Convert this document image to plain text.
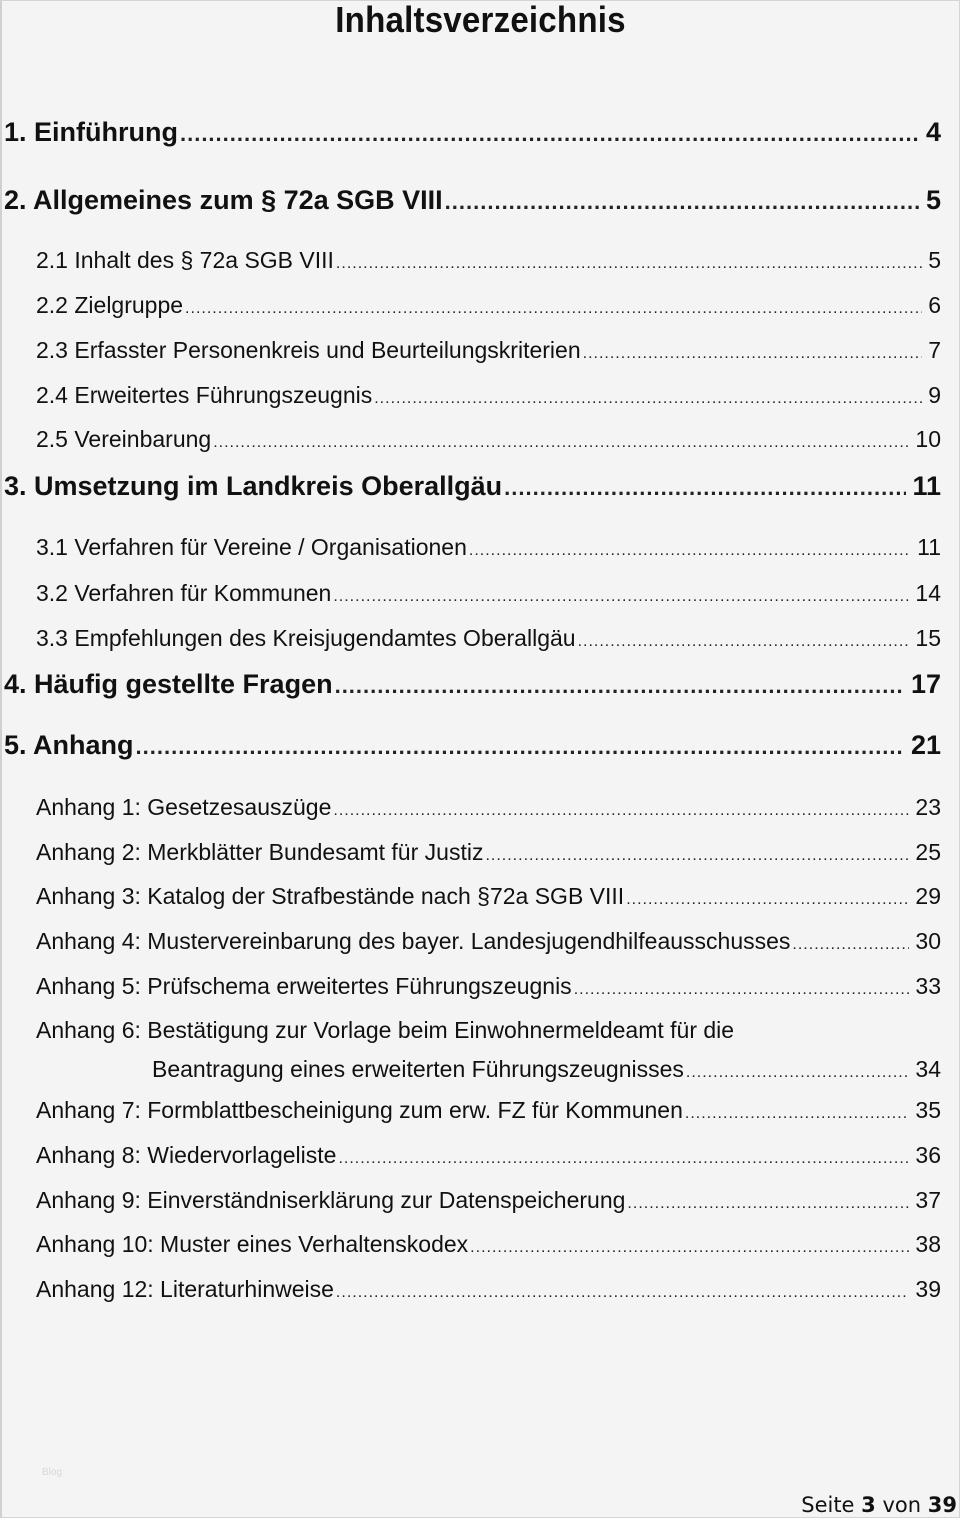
Inhaltsverzeichnis
1. Einführung .....	4
2. Allgemeines zum § 72a SGB VIII .....	5
2.1 Inhalt des § 72a SGB VIII .....	5
2.2 Zielgruppe .....	6
2.3 Erfasster Personenkreis und Beurteilungskriterien .....	7
2.4 Erweitertes Führungszeugnis .....	9
2.5 Vereinbarung .....	10
3. Umsetzung im Landkreis Oberallgäu .....	11
3.1 Verfahren für Vereine / Organisationen .....	11
3.2 Verfahren für Kommunen .....	14
3.3 Empfehlungen des Kreisjugendamtes Oberallgäu .....	15
4. Häufig gestellte Fragen .....	17
5. Anhang .....	21
Anhang 1: Gesetzesauszüge .....	23
Anhang 2: Merkblätter Bundesamt für Justiz .....	25
Anhang 3: Katalog der Strafbestände nach §72a SGB VIII .....	29
Anhang 4: Mustervereinbarung des bayer. Landesjugendhilfeausschusses .....	30
Anhang 5: Prüfschema erweitertes Führungszeugnis .....	33
Anhang 6: Bestätigung zur Vorlage beim Einwohnermeldeamt für die
Beantragung eines erweiterten Führungszeugnisses .....	34
Anhang 7: Formblattbescheinigung zum erw. FZ für Kommunen .....	35
Anhang 8: Wiedervorlageliste .....	36
Anhang 9: Einverständniserklärung zur Datenspeicherung .....	37
Anhang 10: Muster eines Verhaltenskodex .....	38
Anhang 12: Literaturhinweise .....	39
Blog
Seite 3 von 39
